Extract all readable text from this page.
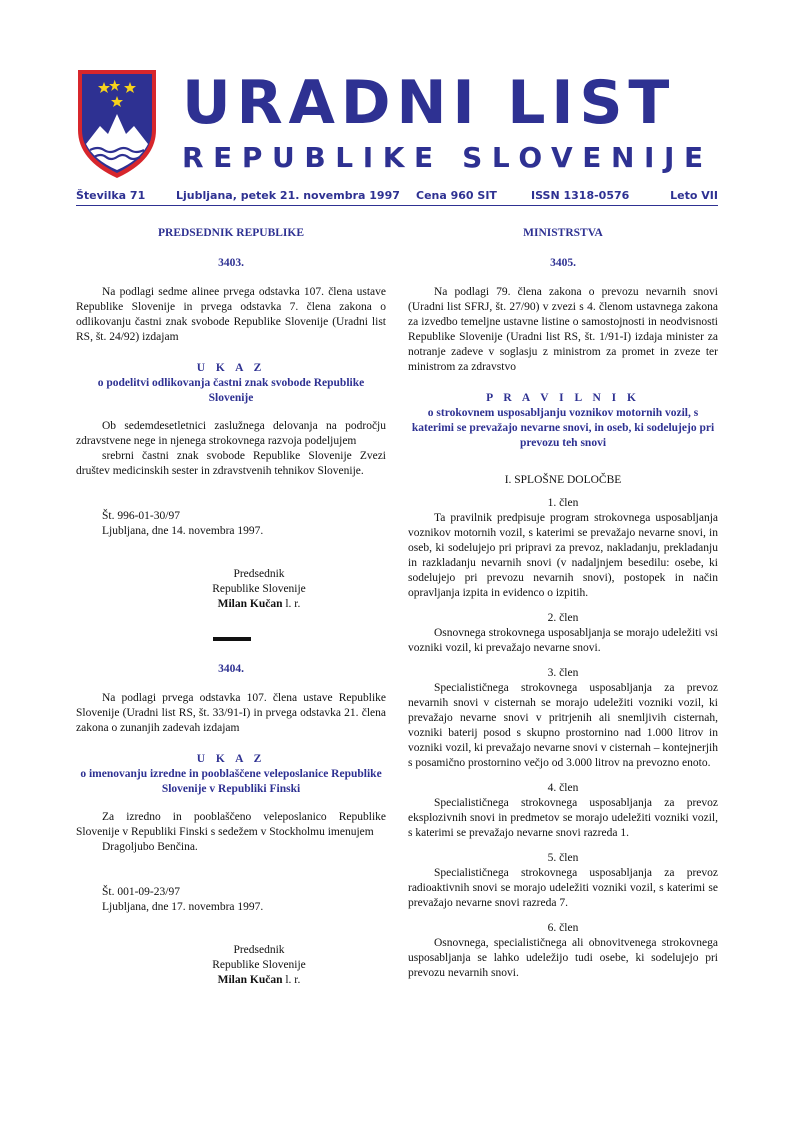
URADNI LIST
REPUBLIKE SLOVENIJE
Številka 71	Ljubljana, petek 21. novembra 1997 Cena 960 SIT	ISSN 1318-0576	Leto VII

PREDSEDNIK REPUBLIKE

3403.

Na podlagi sedme alinee prvega odstavka 107. člena ustave Republike Slovenije in prvega odstavka 7. člena zakona o odlikovanju častni znak svobode Republike Slovenije (Uradni list RS, št. 24/92) izdajam

U K A Z

o podelitvi odlikovanja častni znak svobode Republike Slovenije

Ob sedemdesetletnici zaslužnega delovanja na področju zdravstvene nege in njenega strokovnega razvoja podeljujem

srebrni častni znak svobode Republike Slovenije Zvezi društev medicinskih sester in zdravstvenih tehnikov Slovenije.

Št. 996-01-30/97

Ljubljana, dne 14. novembra 1997.

Predsednik

Republike Slovenije

Milan Kučan l. r.

3404.

Na podlagi prvega odstavka 107. člena ustave Republike Slovenije (Uradni list RS, št. 33/91-I) in prvega odstavka 21. člena zakona o zunanjih zadevah izdajam

U K A Z

o imenovanju izredne in pooblaščene veleposlanice Republike Slovenije v Republiki Finski

Za izredno in pooblaščeno veleposlanico Republike Slovenije v Republiki Finski s sedežem v Stockholmu imenujem

Dragoljubo Benčina.

Št. 001-09-23/97

Ljubljana, dne 17. novembra 1997.

Predsednik

Republike Slovenije

Milan Kučan l. r.

MINISTRSTVA

3405.

Na podlagi 79. člena zakona o prevozu nevarnih snovi (Uradni list SFRJ, št. 27/90) v zvezi s 4. členom ustavnega zakona za izvedbo temeljne ustavne listine o samostojnosti in neodvisnosti Republike Slovenije (Uradni list RS, št. 1/91-I) izdaja minister za notranje zadeve v soglasju z ministrom za promet in zveze ter ministrom za zdravstvo

P R A V I L N I K

o strokovnem usposabljanju voznikov motornih vozil, s katerimi se prevažajo nevarne snovi, in oseb, ki sodelujejo pri prevozu teh snovi

I. SPLOŠNE DOLOČBE

1. člen

Ta pravilnik predpisuje program strokovnega usposabljanja voznikov motornih vozil, s katerimi se prevažajo nevarne snovi, in oseb, ki sodelujejo pri pripravi za prevoz, nakladanju, prekladanju in razkladanju nevarnih snovi (v nadaljnjem besedilu: osebe, ki sodelujejo pri prevozu nevarnih snovi), postopek in način opravljanja izpita in evidenco o izpitih.

2. člen

Osnovnega strokovnega usposabljanja se morajo udeležiti vsi vozniki vozil, ki prevažajo nevarne snovi.

3. člen

Specialističnega strokovnega usposabljanja za prevoz nevarnih snovi v cisternah se morajo udeležiti vozniki vozil, ki prevažajo nevarne snovi v pritrjenih ali snemljivih cisternah, vozniki baterij posod s skupno prostornino nad 1.000 litrov in vozniki vozil, ki prevažajo nevarne snovi v cisternah – kontejnerjih s posamično prostornino večjo od 3.000 litrov na prevozno enoto.

4. člen

Specialističnega strokovnega usposabljanja za prevoz eksplozivnih snovi in predmetov se morajo udeležiti vozniki vozil, s katerimi se prevažajo nevarne snovi razreda 1.

5. člen

Specialističnega strokovnega usposabljanja za prevoz radioaktivnih snovi se morajo udeležiti vozniki vozil, s katerimi se prevažajo nevarne snovi razreda 7.

6. člen

Osnovnega, specialističnega ali obnovitvenega strokovnega usposabljanja se lahko udeležijo tudi osebe, ki sodelujejo pri prevozu nevarnih snovi.
